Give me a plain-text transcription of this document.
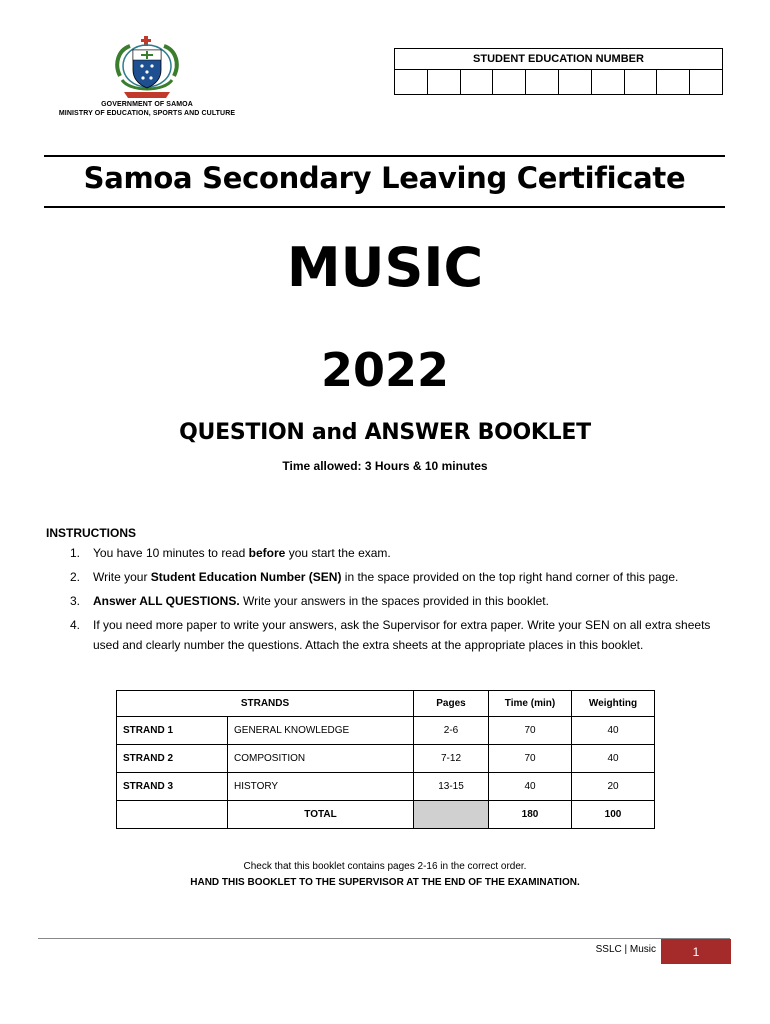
GOVERNMENT OF SAMOA
MINISTRY OF EDUCATION, SPORTS AND CULTURE
STUDENT EDUCATION NUMBER
Samoa Secondary Leaving Certificate
MUSIC
2022
QUESTION and ANSWER BOOKLET
Time allowed: 3 Hours & 10 minutes
INSTRUCTIONS
1. You have 10 minutes to read before you start the exam.
2. Write your Student Education Number (SEN) in the space provided on the top right hand corner of this page.
3. Answer ALL QUESTIONS. Write your answers in the spaces provided in this booklet.
4. If you need more paper to write your answers, ask the Supervisor for extra paper. Write your SEN on all extra sheets used and clearly number the questions. Attach the extra sheets at the appropriate places in this booklet.
STRANDS		Pages	Time (min)	Weighting
STRAND 1	GENERAL KNOWLEDGE	2-6	70	40
STRAND 2	COMPOSITION	7-12	70	40
STRAND 3	HISTORY	13-15	40	20
	TOTAL		180	100
Check that this booklet contains pages 2-16 in the correct order.
HAND THIS BOOKLET TO THE SUPERVISOR AT THE END OF THE EXAMINATION.
SSLC | Music	1
